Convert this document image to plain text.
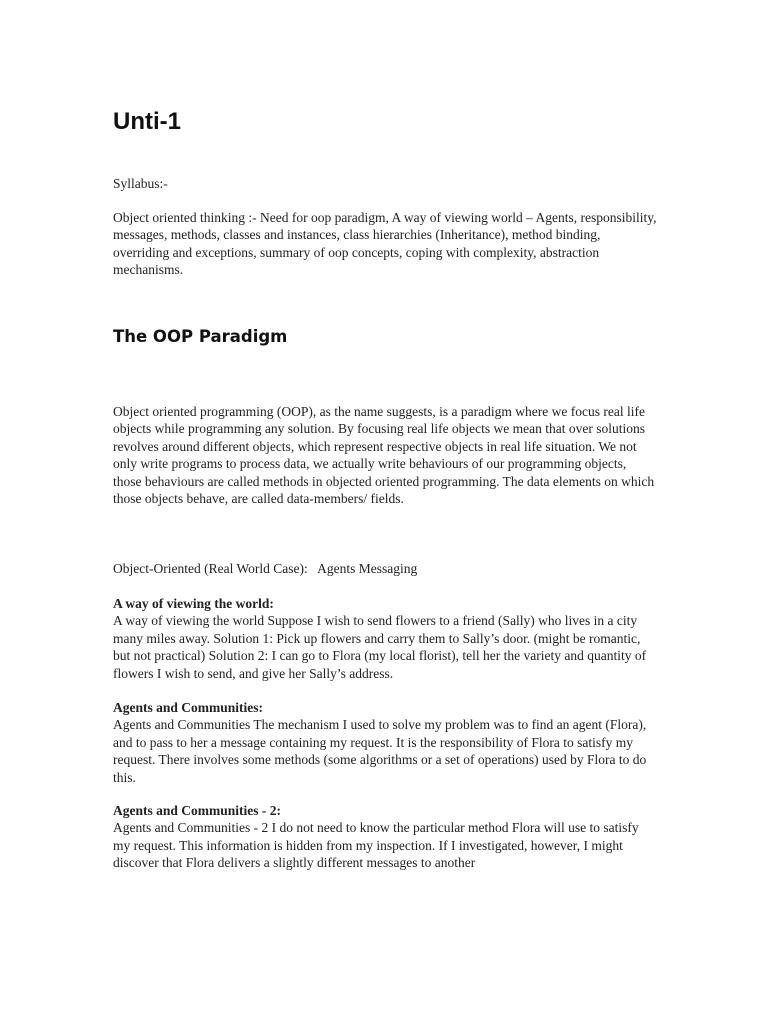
Unti-1

Syllabus:-

Object oriented thinking :- Need for oop paradigm, A way of viewing world – Agents, responsibility, messages, methods, classes and instances, class hierarchies (Inheritance), method binding, overriding and exceptions, summary of oop concepts, coping with complexity, abstraction mechanisms.

The OOP Paradigm

Object oriented programming (OOP), as the name suggests, is a paradigm where we focus real life objects while programming any solution. By focusing real life objects we mean that over solutions revolves around different objects, which represent respective objects in real life situation. We not only write programs to process data, we actually write behaviours of our programming objects, those behaviours are called methods in objected oriented programming. The data elements on which those objects behave, are called data-members/ fields.

Object-Oriented (Real World Case):   Agents Messaging

A way of viewing the world:
A way of viewing the world Suppose I wish to send flowers to a friend (Sally) who lives in a city many miles away. Solution 1: Pick up flowers and carry them to Sally’s door. (might be romantic, but not practical) Solution 2: I can go to Flora (my local florist), tell her the variety and quantity of flowers I wish to send, and give her Sally’s address.
Agents and Communities:
Agents and Communities The mechanism I used to solve my problem was to find an agent (Flora), and to pass to her a message containing my request. It is the responsibility of Flora to satisfy my request. There involves some methods (some algorithms or a set of operations) used by Flora to do this.
Agents and Communities - 2:
Agents and Communities - 2 I do not need to know the particular method Flora will use to satisfy my request. This information is hidden from my inspection. If I investigated, however, I might discover that Flora delivers a slightly different messages to another
